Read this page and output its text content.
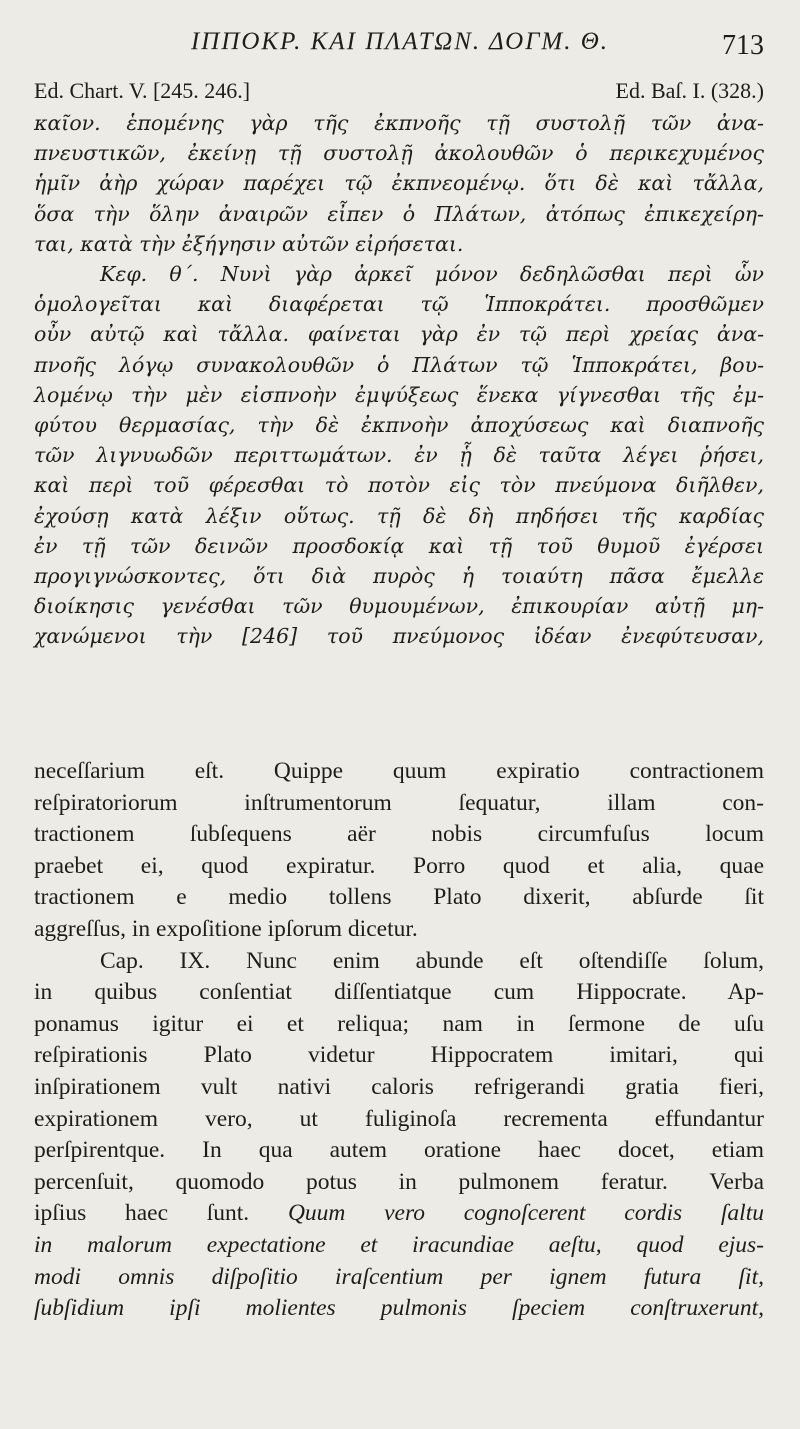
ΙΠΠΟΚΡ. ΚΑΙ ΠΛΑΤΩΝ. ΔΟΓΜ. Θ.	713
Ed. Chart. V. [245. 246.]	Ed. Baſ. I. (328.)
καῖον. ἑπομένης γὰρ τῆς ἐκπνοῆς τῇ συστολῇ τῶν ἀνα-
πνευστικῶν, ἐκείνῃ τῇ συστολῇ ἀκολουθῶν ὁ περικεχυμένος
ἡμῖν ἀὴρ χώραν παρέχει τῷ ἐκπνεομένῳ. ὅτι δὲ καὶ τἄλλα,
ὅσα τὴν ὅλην ἀναιρῶν εἶπεν ὁ Πλάτων, ἀτόπως ἐπικεχείρη-
ται, κατὰ τὴν ἐξήγησιν αὐτῶν εἰρήσεται.
Κεφ. θ΄. Νυνὶ γὰρ ἀρκεῖ μόνον δεδηλῶσθαι περὶ ὧν
ὁμολογεῖται καὶ διαφέρεται τῷ Ἱπποκράτει. προσθῶμεν
οὖν αὐτῷ καὶ τἄλλα. φαίνεται γὰρ ἐν τῷ περὶ χρείας ἀνα-
πνοῆς λόγῳ συνακολουθῶν ὁ Πλάτων τῷ Ἱπποκράτει, βου-
λομένῳ τὴν μὲν εἰσπνοὴν ἐμψύξεως ἕνεκα γίγνεσθαι τῆς ἐμ-
φύτου θερμασίας, τὴν δὲ ἐκπνοὴν ἀποχύσεως καὶ διαπνοῆς
τῶν λιγνυωδῶν περιττωμάτων. ἐν ᾗ δὲ ταῦτα λέγει ῥήσει,
καὶ περὶ τοῦ φέρεσθαι τὸ ποτὸν εἰς τὸν πνεύμονα διῆλθεν,
ἐχούσῃ κατὰ λέξιν οὕτως. τῇ δὲ δὴ πηδήσει τῆς καρδίας
ἐν τῇ τῶν δεινῶν προσδοκίᾳ καὶ τῇ τοῦ θυμοῦ ἐγέρσει
προγιγνώσκοντες, ὅτι διὰ πυρὸς ἡ τοιαύτη πᾶσα ἔμελλε
διοίκησις γενέσθαι τῶν θυμουμένων, ἐπικουρίαν αὐτῇ μη-
χανώμενοι τὴν [246] τοῦ πνεύμονος ἰδέαν ἐνεφύτευσαν,
neceſſarium eſt. Quippe quum expiratio contractionem
reſpiratoriorum inſtrumentorum ſequatur, illam con-
tractionem ſubſequens aër nobis circumfuſus locum
praebet ei, quod expiratur. Porro quod et alia, quae
tractionem e medio tollens Plato dixerit, abſurde ſit
aggreſſus, in expoſitione ipſorum dicetur.
Cap. IX. Nunc enim abunde eſt oſtendiſſe ſolum,
in quibus conſentiat diſſentiatque cum Hippocrate. Ap-
ponamus igitur ei et reliqua; nam in ſermone de uſu
reſpirationis Plato videtur Hippocratem imitari, qui
inſpirationem vult nativi caloris refrigerandi gratia fieri,
expirationem vero, ut fuliginoſa recrementa effundantur
perſpirentque. In qua autem oratione haec docet, etiam
percenſuit, quomodo potus in pulmonem feratur. Verba
ipſius haec ſunt. Quum vero cognoſcerent cordis ſaltu
in malorum expectatione et iracundiae aeſtu, quod ejus-
modi omnis diſpoſitio iraſcentium per ignem futura ſit,
ſubſidium ipſi molientes pulmonis ſpeciem conſtruxerunt,
